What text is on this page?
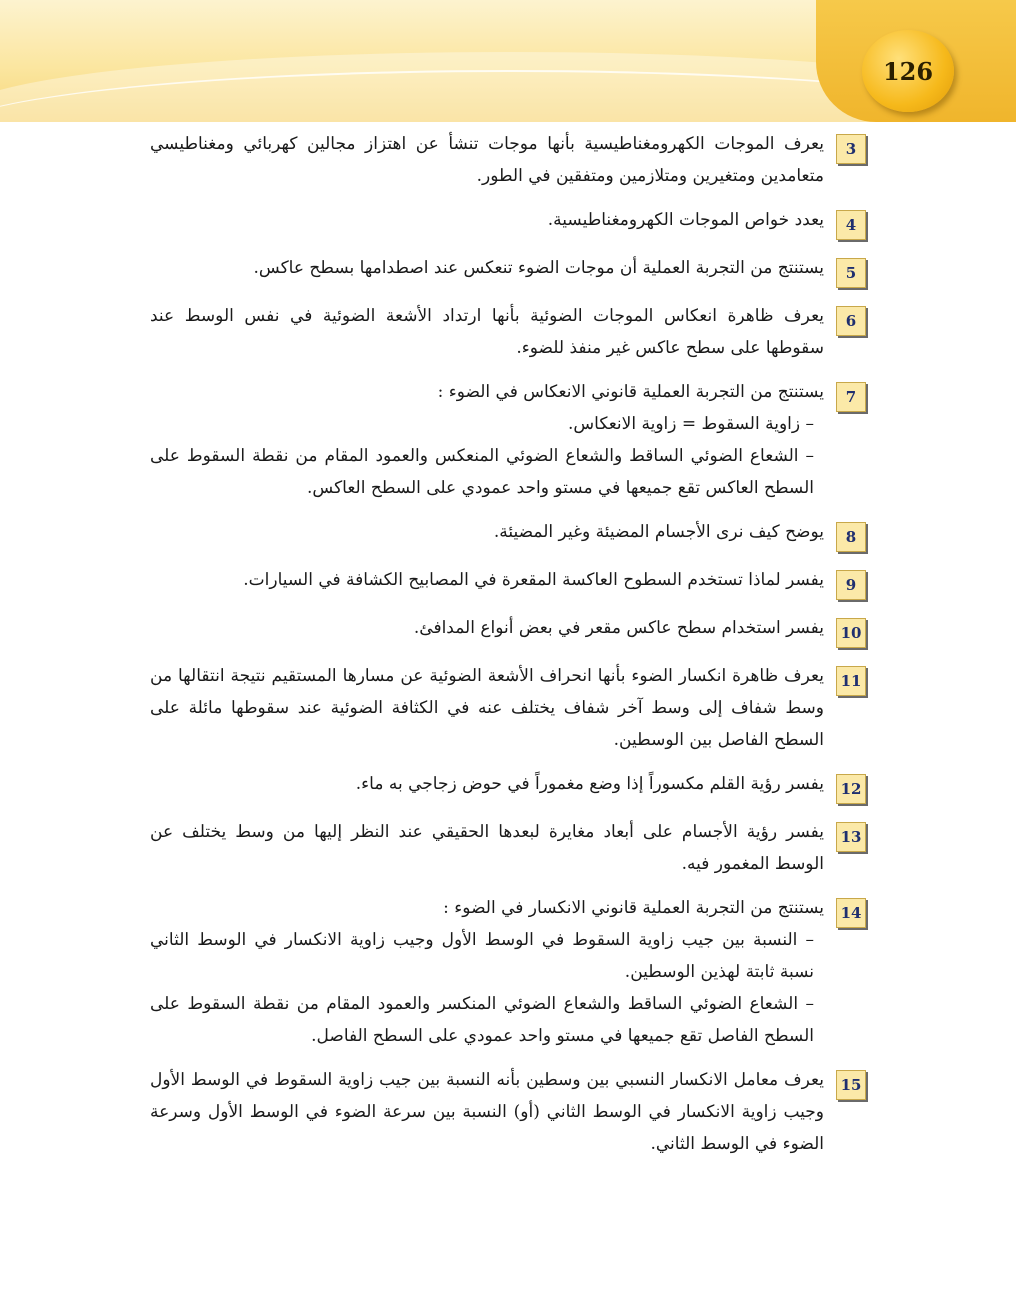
126
3
يعرف الموجات الكهرومغناطيسية بأنها موجات تنشأ عن اهتزاز مجالين كهربائي ومغناطيسي متعامدين ومتغيرين ومتلازمين ومتفقين في الطور.
4
يعدد خواص الموجات الكهرومغناطيسية.
5
يستنتج من التجربة العملية أن موجات الضوء تنعكس عند اصطدامها بسطح عاكس.
6
يعرف ظاهرة انعكاس الموجات الضوئية بأنها ارتداد الأشعة الضوئية في نفس الوسط عند سقوطها على سطح عاكس غير منفذ للضوء.
7
يستنتج من التجربة العملية قانوني الانعكاس في الضوء :
– زاوية السقوط = زاوية الانعكاس.
– الشعاع الضوئي الساقط والشعاع الضوئي المنعكس والعمود المقام من نقطة السقوط على السطح العاكس تقع جميعها في مستو واحد عمودي على السطح العاكس.
8
يوضح كيف نرى الأجسام المضيئة وغير المضيئة.
9
يفسر لماذا تستخدم السطوح العاكسة المقعرة في المصابيح الكشافة في السيارات.
10
يفسر استخدام سطح عاكس مقعر في بعض أنواع المدافئ.
11
يعرف ظاهرة انكسار الضوء بأنها انحراف الأشعة الضوئية عن مسارها المستقيم نتيجة انتقالها من وسط شفاف إلى وسط آخر شفاف يختلف عنه في الكثافة الضوئية عند سقوطها مائلة على السطح الفاصل بين الوسطين.
12
يفسر رؤية القلم مكسوراً إذا وضع مغموراً في حوض زجاجي به ماء.
13
يفسر رؤية الأجسام على أبعاد مغايرة لبعدها الحقيقي عند النظر إليها من وسط يختلف عن الوسط المغمور فيه.
14
يستنتج من التجربة العملية قانوني الانكسار في الضوء :
– النسبة بين جيب زاوية السقوط في الوسط الأول وجيب زاوية الانكسار في الوسط الثاني نسبة ثابتة لهذين الوسطين.
– الشعاع الضوئي الساقط والشعاع الضوئي المنكسر والعمود المقام من نقطة السقوط على السطح الفاصل تقع جميعها في مستو واحد عمودي على السطح الفاصل.
15
يعرف معامل الانكسار النسبي بين وسطين بأنه النسبة بين جيب زاوية السقوط في الوسط الأول وجيب زاوية الانكسار في الوسط الثاني (أو) النسبة بين سرعة الضوء في الوسط الأول وسرعة الضوء في الوسط الثاني.
